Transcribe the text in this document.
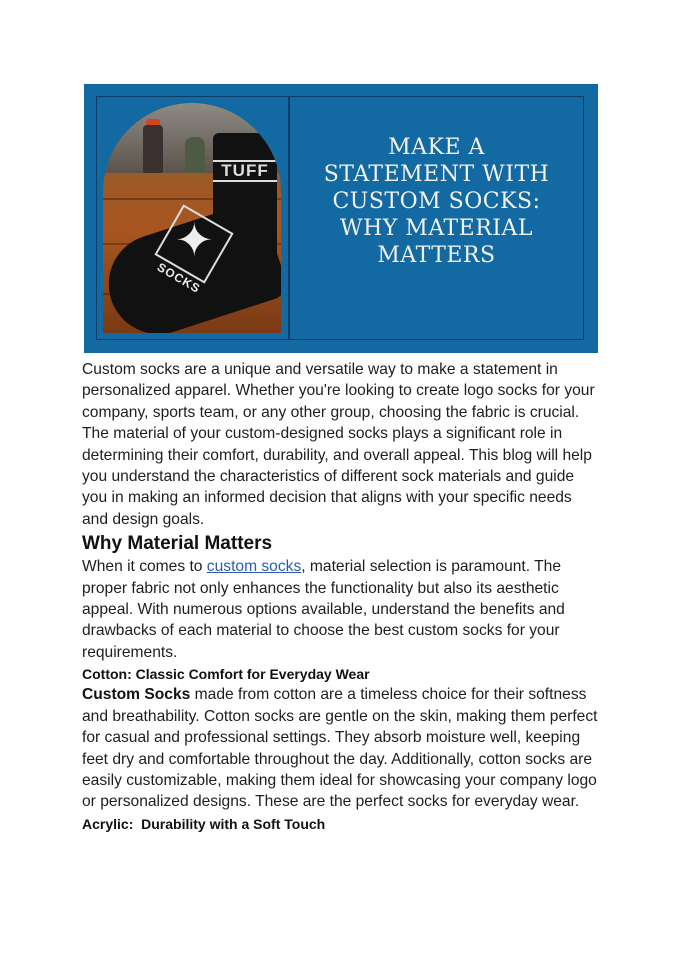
TUFF
✦
SOCKS
MAKE A
STATEMENT WITH
CUSTOM SOCKS:
WHY MATERIAL
MATTERS

Custom socks are a unique and versatile way to make a statement in personalized apparel. Whether you're looking to create logo socks for your company, sports team, or any other group, choosing the fabric is crucial. The material of your custom-designed socks plays a significant role in determining their comfort, durability, and overall appeal. This blog will help you understand the characteristics of different sock materials and guide you in making an informed decision that aligns with your specific needs and design goals.

Why Material Matters

When it comes to custom socks, material selection is paramount. The proper fabric not only enhances the functionality but also its aesthetic appeal. With numerous options available, understand the benefits and drawbacks of each material to choose the best custom socks for your requirements.

Cotton: Classic Comfort for Everyday Wear

Custom Socks made from cotton are a timeless choice for their softness and breathability. Cotton socks are gentle on the skin, making them perfect for casual and professional settings. They absorb moisture well, keeping feet dry and comfortable throughout the day. Additionally, cotton socks are easily customizable, making them ideal for showcasing your company logo or personalized designs. These are the perfect socks for everyday wear.

Acrylic:  Durability with a Soft Touch
